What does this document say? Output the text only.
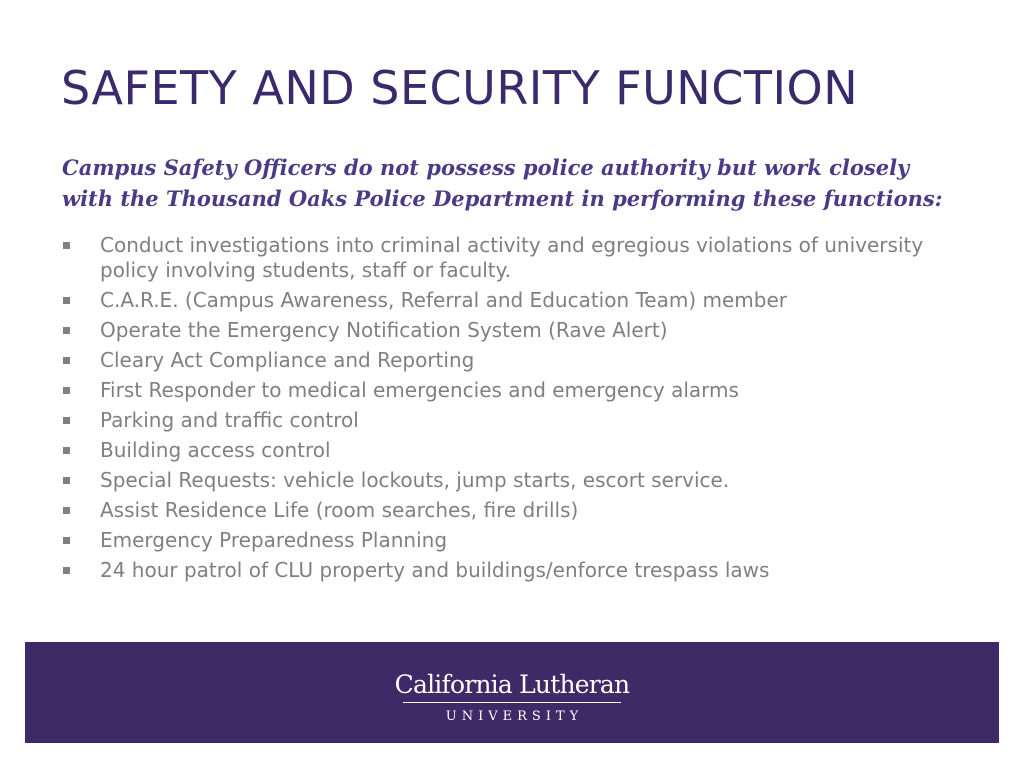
SAFETY AND SECURITY FUNCTION

Campus Safety Officers do not possess police authority but work closely with the Thousand Oaks Police Department in performing these functions:

Conduct investigations into criminal activity and egregious violations of university policy involving students, staff or faculty.
C.A.R.E. (Campus Awareness, Referral and Education Team) member
Operate the Emergency Notification System (Rave Alert)
Cleary Act Compliance and Reporting
First Responder to medical emergencies and emergency alarms
Parking and traffic control
Building access control
Special Requests: vehicle lockouts, jump starts, escort service.
Assist Residence Life (room searches, fire drills)
Emergency Preparedness Planning
24 hour patrol of CLU property and buildings/enforce trespass laws
California Lutheran
UNIVERSITY
